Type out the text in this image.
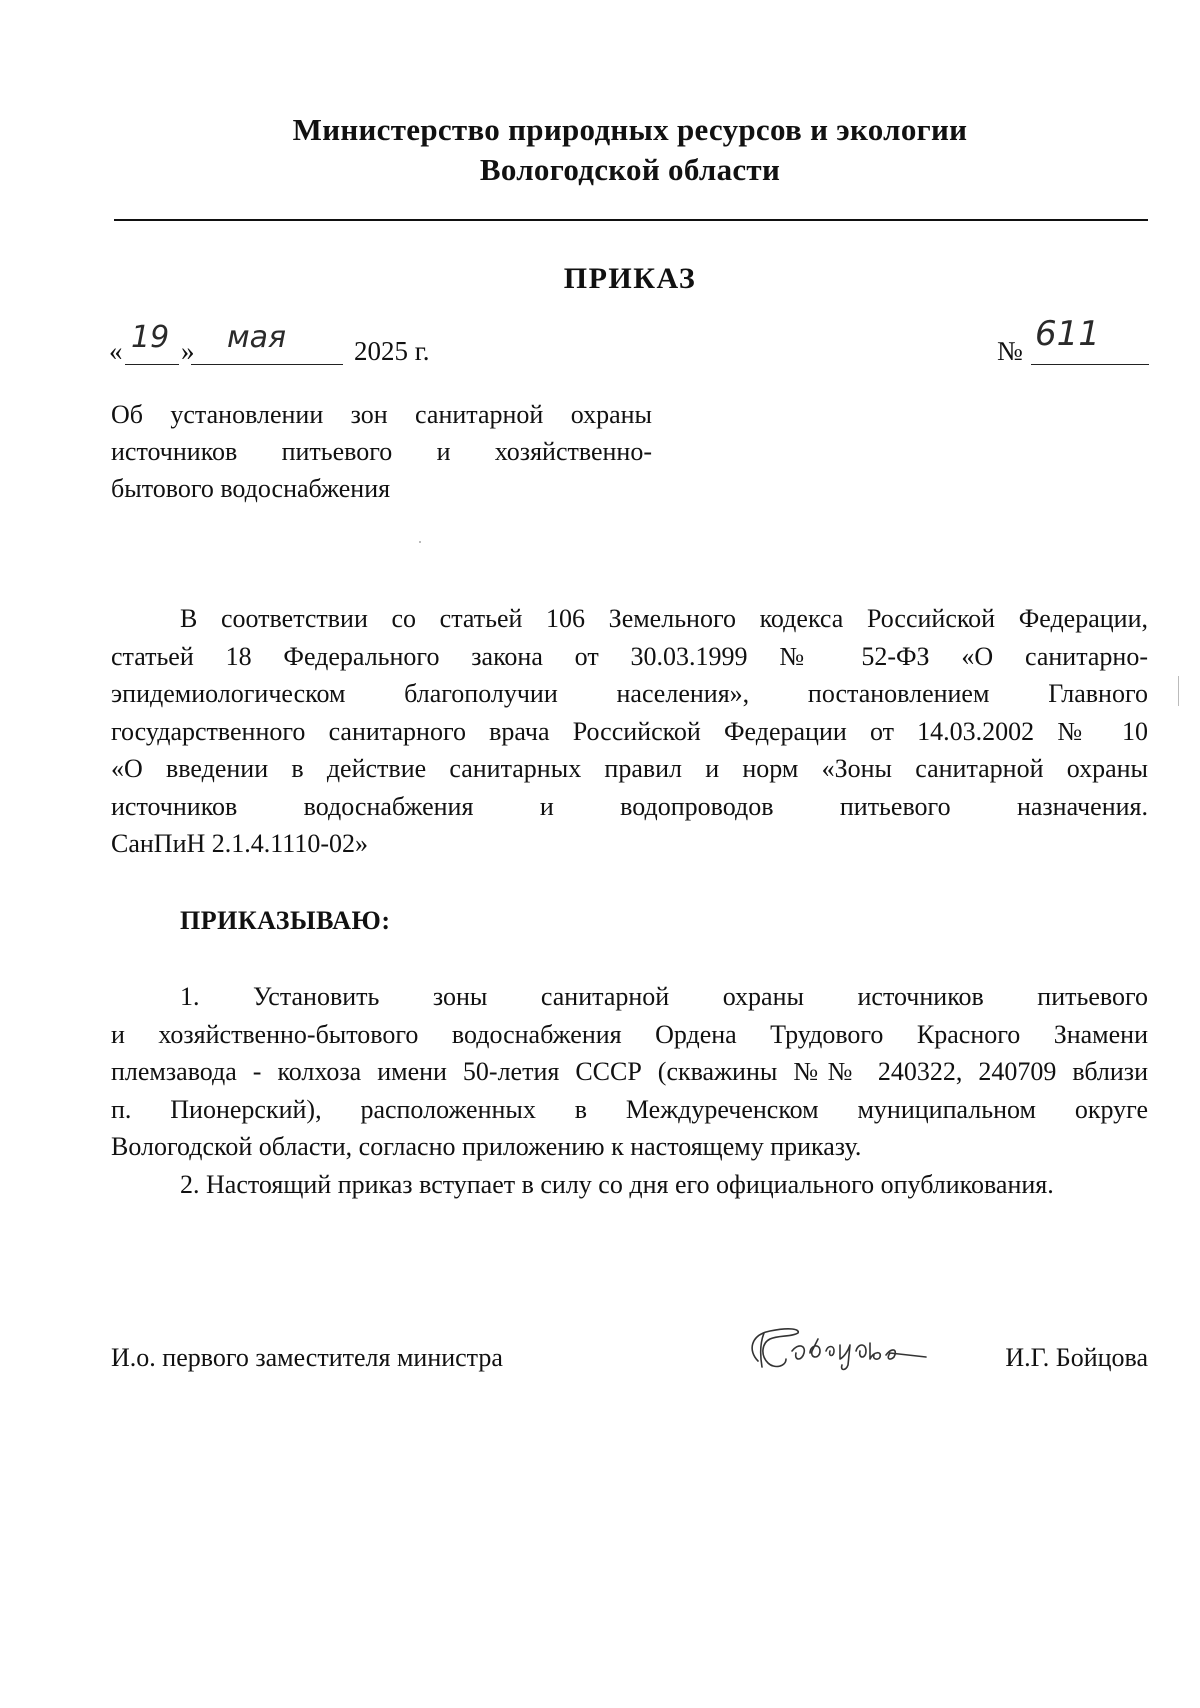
Министерство природных ресурсов и экологии
Вологодской области
ПРИКАЗ
« 19 » мая	2025 г.	№ 611
Об установлении зон санитарной охраны
источников питьевого и хозяйственно-
бытового водоснабжения
В соответствии со статьей 106 Земельного кодекса Российской Федерации,
статьей 18 Федерального закона от 30.03.1999 № 52-ФЗ «О санитарно-
эпидемиологическом благополучии населения», постановлением Главного
государственного санитарного врача Российской Федерации от 14.03.2002 № 10
«О введении в действие санитарных правил и норм «Зоны санитарной охраны
источников водоснабжения и водопроводов питьевого назначения.
СанПиН 2.1.4.1110-02»
ПРИКАЗЫВАЮ:
1. Установить зоны санитарной охраны источников питьевого
и хозяйственно-бытового водоснабжения Ордена Трудового Красного Знамени
племзавода - колхоза имени 50-летия СССР (скважины №№ 240322, 240709 вблизи
п. Пионерский), расположенных в Междуреченском муниципальном округе
Вологодской области, согласно приложению к настоящему приказу.
2. Настоящий приказ вступает в силу со дня его официального опубликования.
И.о. первого заместителя министра	И.Г. Бойцова
